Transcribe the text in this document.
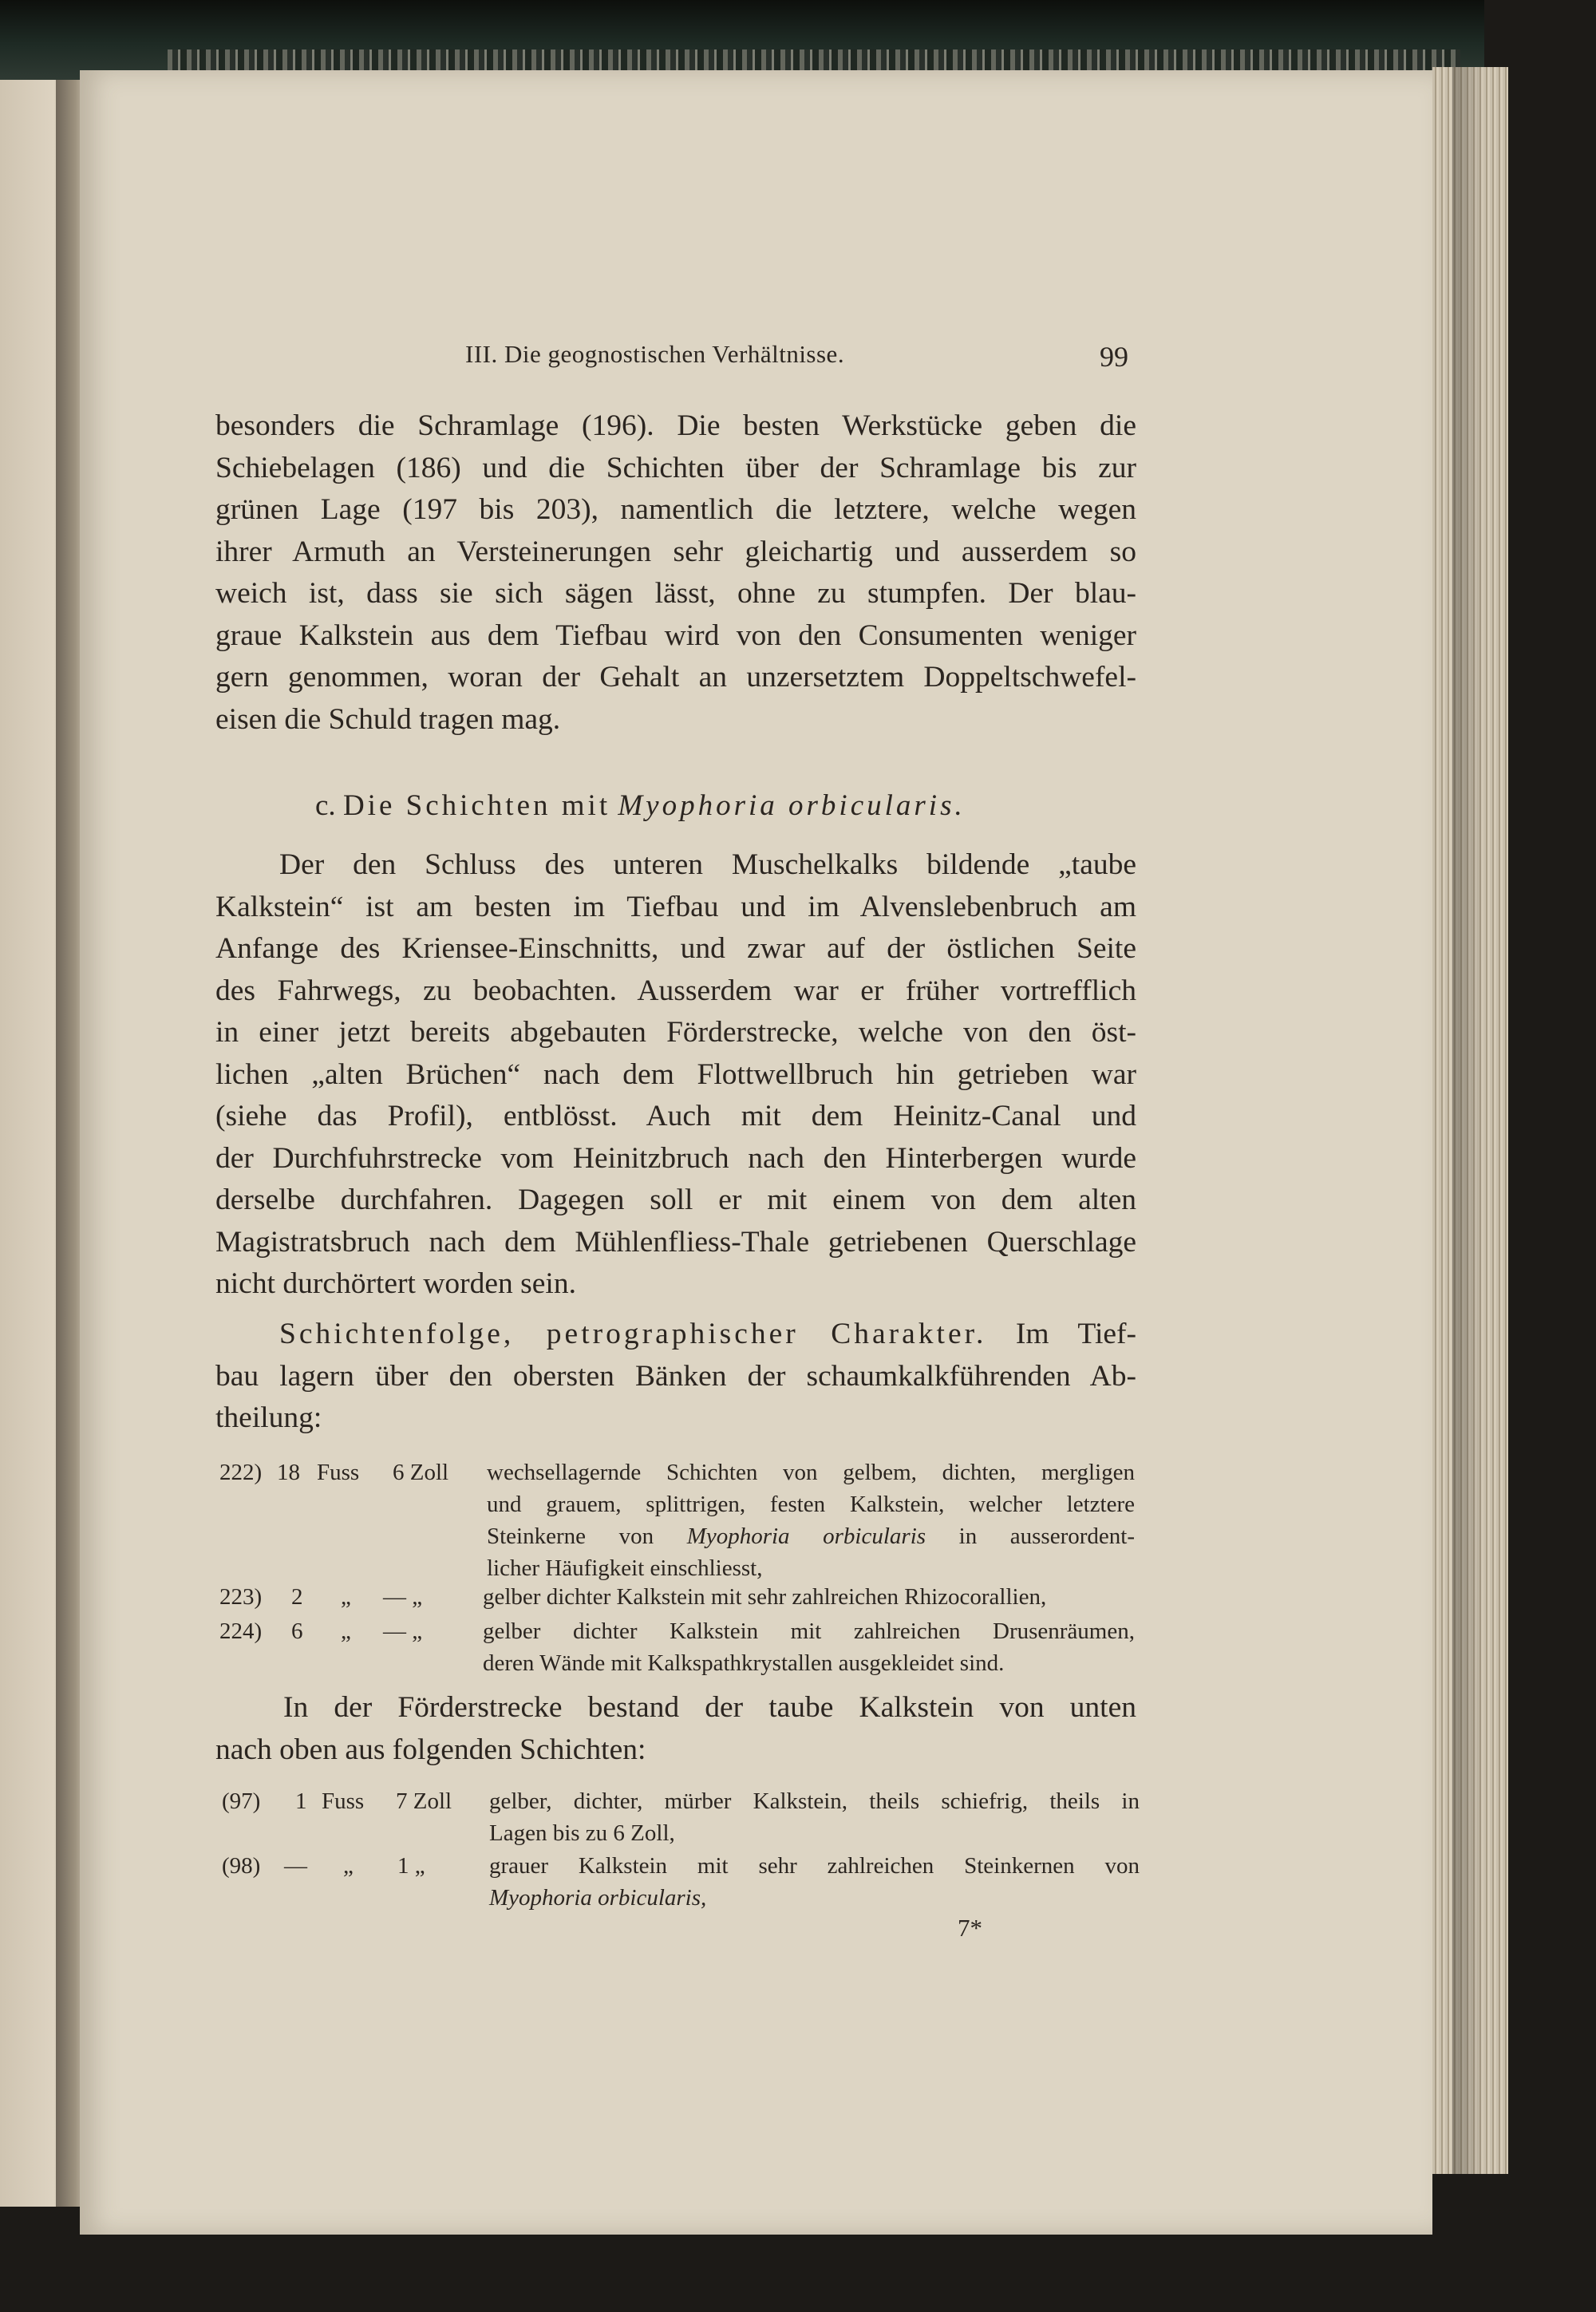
III. Die geognostischen Verhältnisse.	99
besonders die Schramlage (196). Die besten Werkstücke geben die
Schiebelagen (186) und die Schichten über der Schramlage bis zur
grünen Lage (197 bis 203), namentlich die letztere, welche wegen
ihrer Armuth an Versteinerungen sehr gleichartig und ausserdem so
weich ist, dass sie sich sägen lässt, ohne zu stumpfen. Der blau-
graue Kalkstein aus dem Tiefbau wird von den Consumenten weniger
gern genommen, woran der Gehalt an unzersetztem Doppeltschwefel-
eisen die Schuld tragen mag.
c. Die Schichten mit Myophoria orbicularis.
Der den Schluss des unteren Muschelkalks bildende „taube
Kalkstein“ ist am besten im Tiefbau und im Alvenslebenbruch am
Anfange des Kriensee-Einschnitts, und zwar auf der östlichen Seite
des Fahrwegs, zu beobachten. Ausserdem war er früher vortrefflich
in einer jetzt bereits abgebauten Förderstrecke, welche von den öst-
lichen „alten Brüchen“ nach dem Flottwellbruch hin getrieben war
(siehe das Profil), entblösst. Auch mit dem Heinitz-Canal und
der Durchfuhrstrecke vom Heinitzbruch nach den Hinterbergen wurde
derselbe durchfahren. Dagegen soll er mit einem von dem alten
Magistratsbruch nach dem Mühlenfliess-Thale getriebenen Querschlage
nicht durchörtert worden sein.
Schichtenfolge, petrographischer Charakter. Im Tief-
bau lagern über den obersten Bänken der schaumkalkführenden Ab-
theilung:
222) 18 Fuss 6 Zoll wechsellagernde Schichten von gelbem, dichten, mergligen
und grauem, splittrigen, festen Kalkstein, welcher letztere
Steinkerne von Myophoria orbicularis in ausserordent-
licher Häufigkeit einschliesst,
223) 2 „ — „	gelber dichter Kalkstein mit sehr zahlreichen Rhizocorallien,
224) 6 „ — „	gelber dichter Kalkstein mit zahlreichen Drusenräumen,
deren Wände mit Kalkspathkrystallen ausgekleidet sind.
In der Förderstrecke bestand der taube Kalkstein von unten
nach oben aus folgenden Schichten:
(97) 1 Fuss 7 Zoll gelber, dichter, mürber Kalkstein, theils schiefrig, theils in
Lagen bis zu 6 Zoll,
(98) — „ 1 „	grauer Kalkstein mit sehr zahlreichen Steinkernen von
Myophoria orbicularis,
7*
